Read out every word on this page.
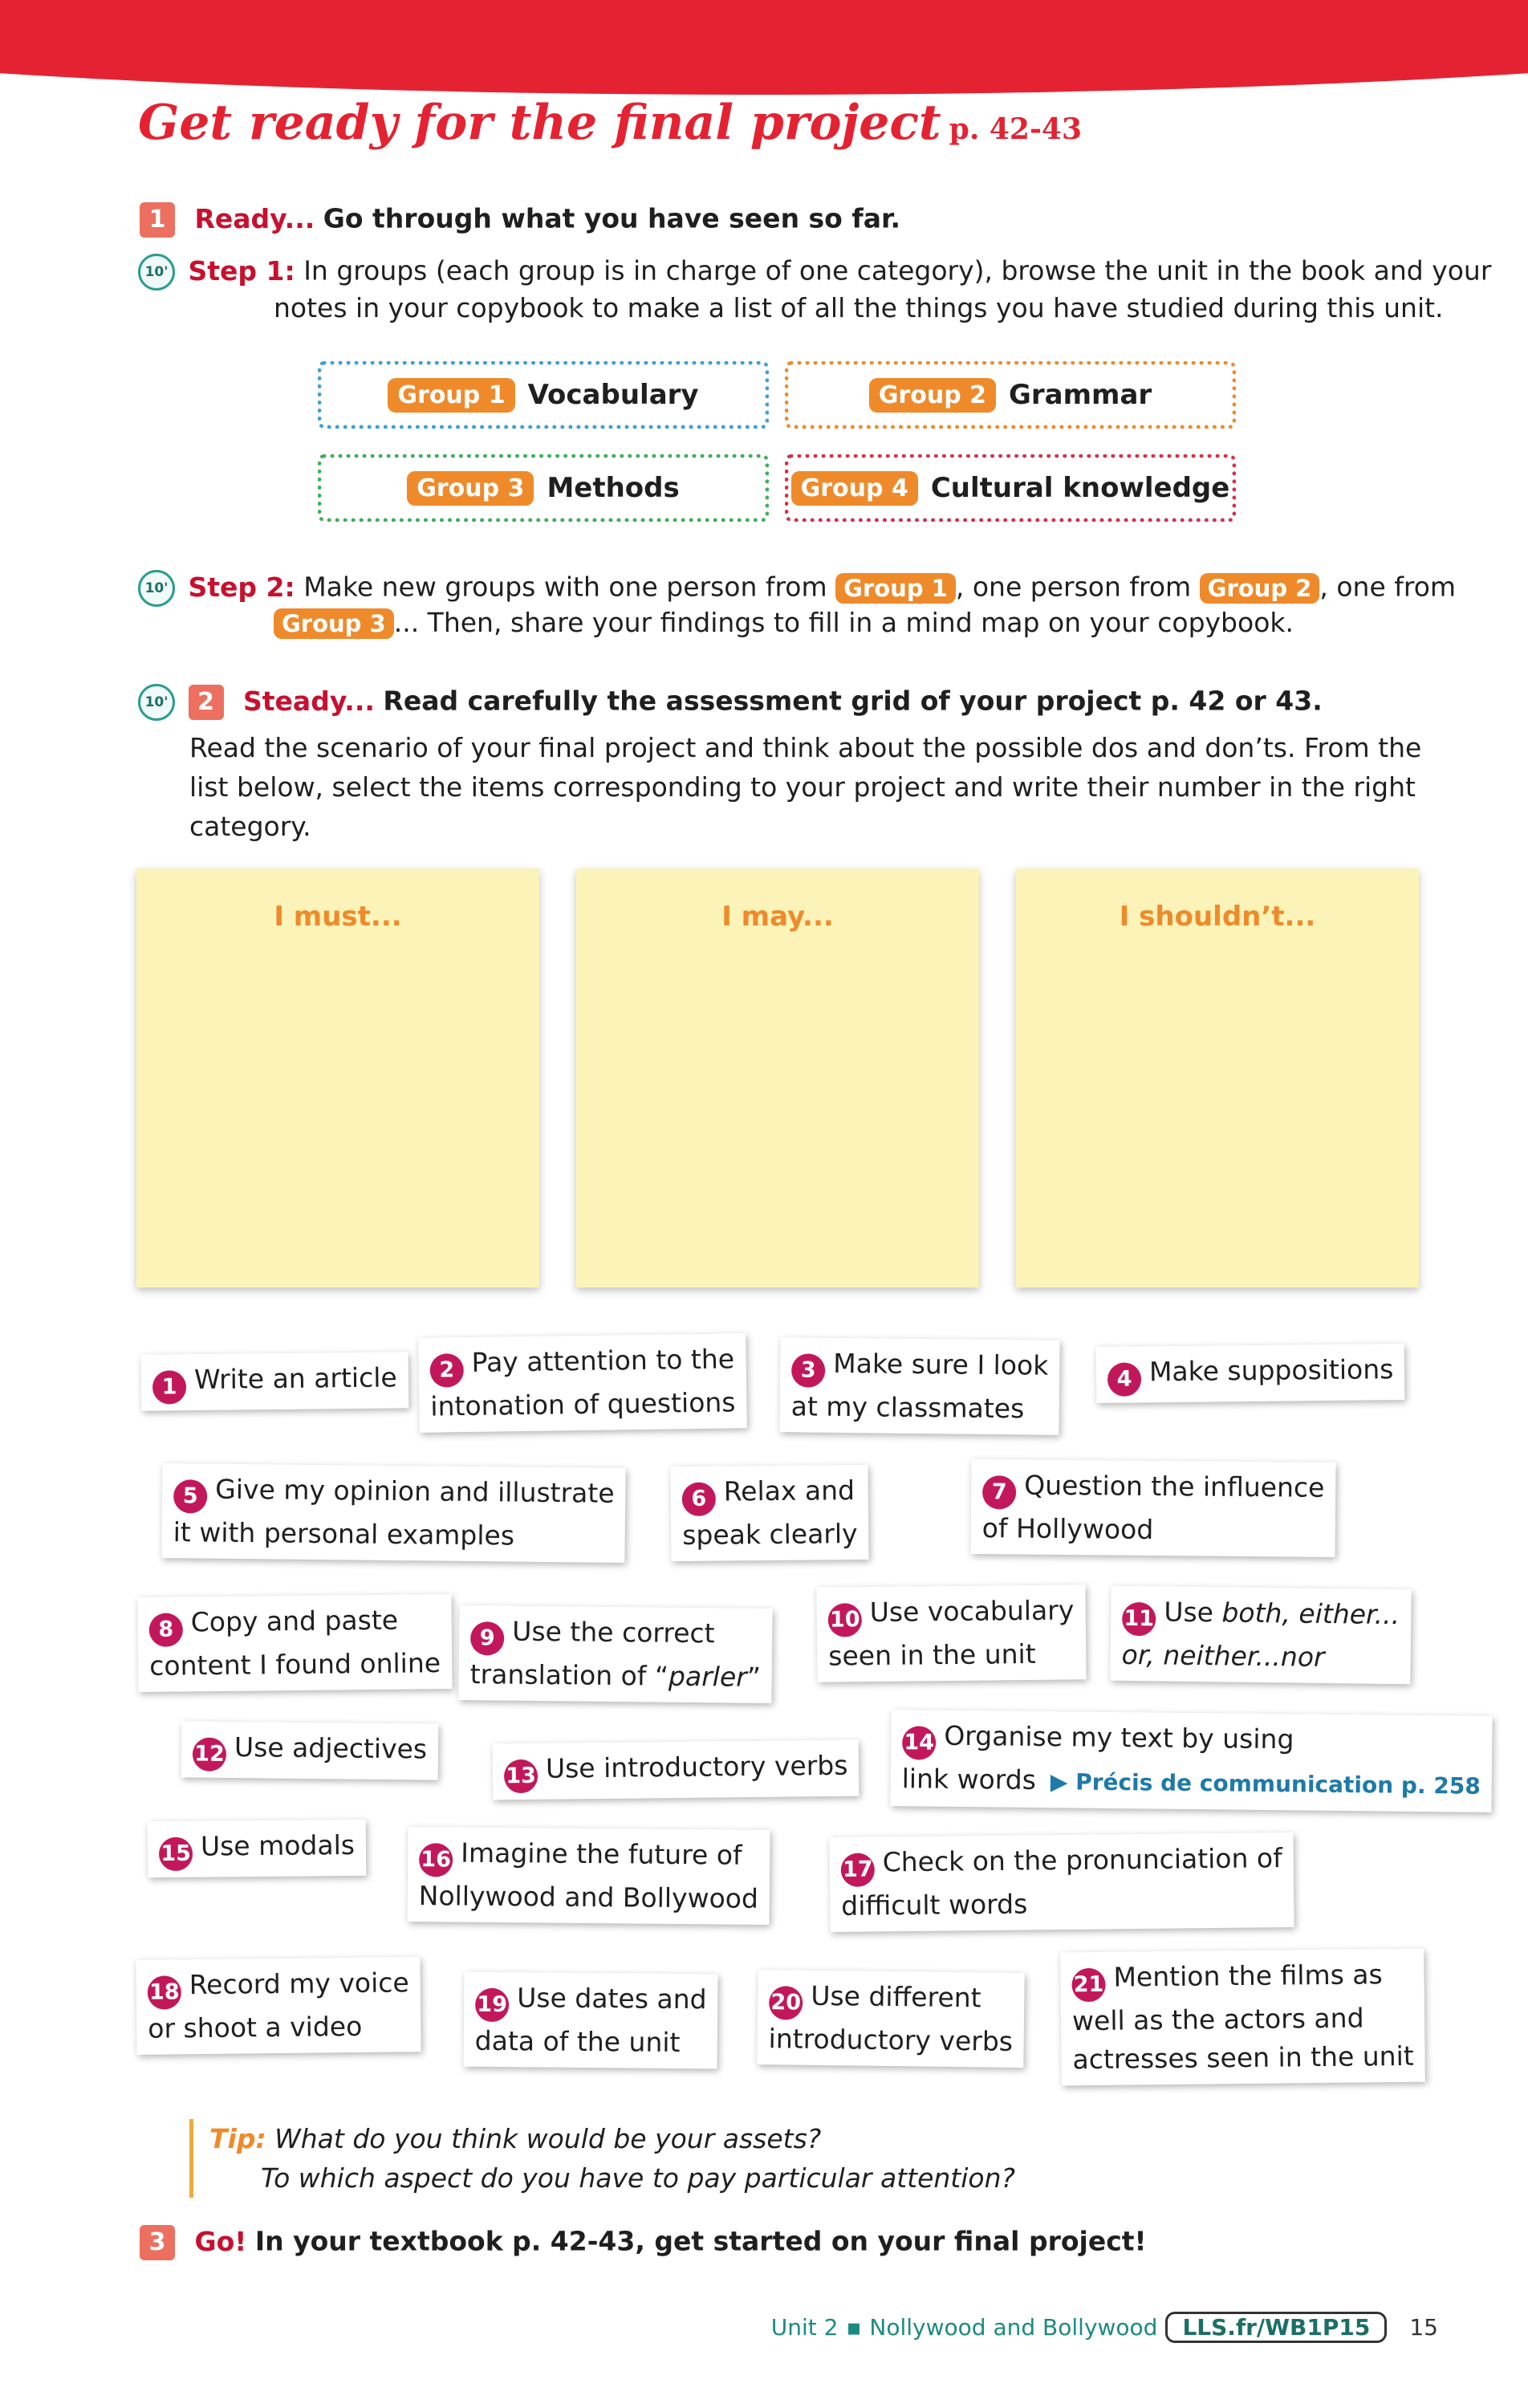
Get ready for the final project p. 42-43
1 Ready... Go through what you have seen so far.
10' Step 1: In groups (each group is in charge of one category), browse the unit in the book and your
notes in your copybook to make a list of all the things you have studied during this unit.
Group 1 Vocabulary	Group 2 Grammar
Group 3 Methods	Group 4 Cultural knowledge
10' Step 2: Make new groups with one person from Group 1 , one person from Group 2 , one from
Group 3 ... Then, share your findings to fill in a mind map on your copybook.
10' 2 Steady... Read carefully the assessment grid of your project p. 42 or 43.
Read the scenario of your final project and think about the possible dos and don’ts. From the
list below, select the items corresponding to your project and write their number in the right
category.
I must...	I may...	I shouldn’t...
1 Write an article	2 Pay attention to the
intonation of questions
3 Make sure I look
at my classmates
4 Make suppositions
5 Give my opinion and illustrate
it with personal examples
6 Relax and
speak clearly
7 Question the influence
of Hollywood
8 Copy and paste
content I found online
9 Use the correct
translation of “parler”
10 Use vocabulary
seen in the unit
11 Use both, either...
or, neither...nor
12 Use adjectives
13 Use introductory verbs
14 Organise my text by using
link words ▶ Précis de communication p. 258
15 Use modals	16 Imagine the future of
Nollywood and Bollywood
17 Check on the pronunciation of
difficult words
18 Record my voice
or shoot a video
19 Use dates and
data of the unit
20 Use different
introductory verbs
21 Mention the films as
well as the actors and
actresses seen in the unit
Tip: What do you think would be your assets?
To which aspect do you have to pay particular attention?
3 Go! In your textbook p. 42-43, get started on your final project!
Unit 2 ▪ Nollywood and Bollywood	LLS.fr/WB1P15	15
